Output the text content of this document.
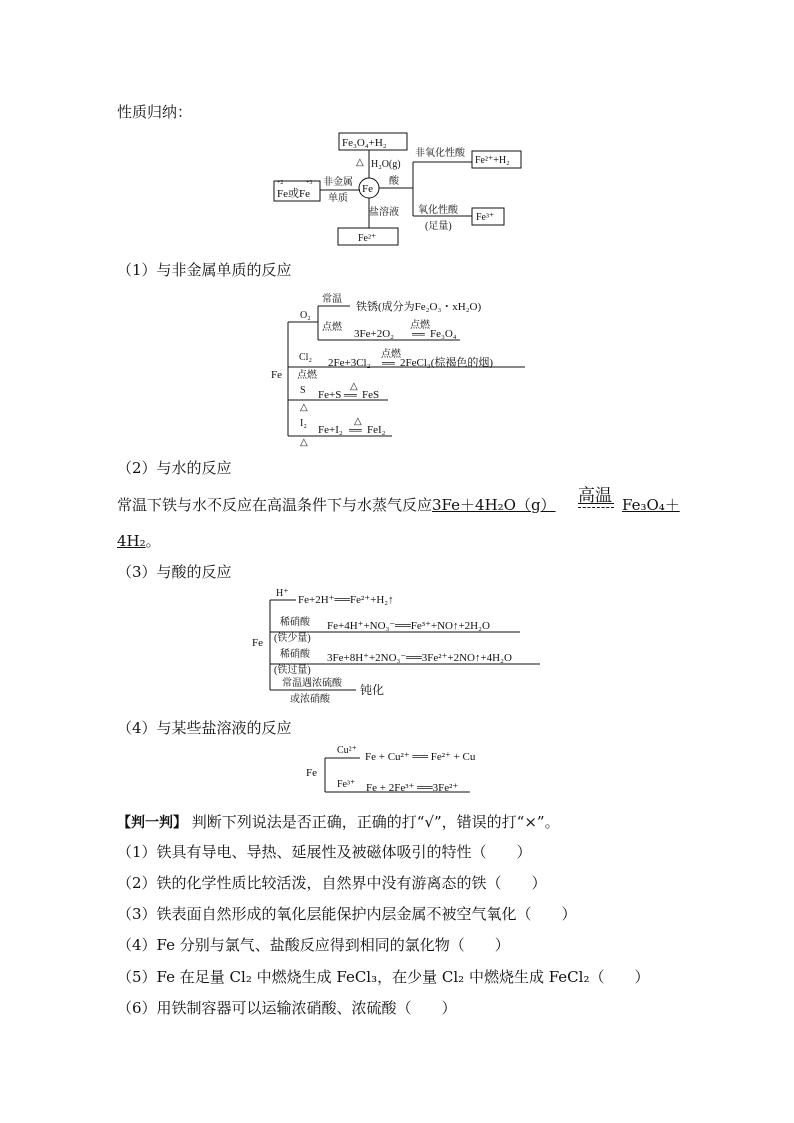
性质归纳：
Fe₃O₄+H₂
△ H₂O(g)
+2	+3
Fe或Fe
非金属
单质
Fe
酸
非氧化性酸
Fe²⁺+H₂
氧化性酸
(足量)
Fe³⁺
盐溶液
Fe²⁺
（1）与非金属单质的反应
Fe
O₂
常温
铁锈(成分为Fe₂O₃・xH₂O)
点燃
3Fe+2O₂
点燃
══ Fe₃O₄
Cl₂
点燃
2Fe+3Cl₂
点燃
══ 2FeCl₃(棕褐色的烟)
S
△
Fe+S
△
══ FeS
I₂
△
Fe+I₂
△
══ FeI₂
（2）与水的反应
常温下铁与水不反应在高温条件下与水蒸气反应3Fe＋4H₂O（g） 高温 Fe₃O₄＋
4H₂。
（3）与酸的反应
Fe
H⁺
Fe+2H⁺══Fe²⁺+H₂↑
稀硝酸
(铁少量)
Fe+4H⁺+NO₃⁻══Fe³⁺+NO↑+2H₂O
稀硝酸
(铁过量)
3Fe+8H⁺+2NO₃⁻══3Fe²⁺+2NO↑+4H₂O
常温遇浓硫酸
或浓硝酸
钝化
（4）与某些盐溶液的反应
Fe
Cu²⁺
Fe + Cu²⁺ ══ Fe²⁺ + Cu
Fe³⁺ Fe + 2Fe³⁺ ══3Fe²⁺
【判一判】 判断下列说法是否正确，正确的打“√”，错误的打“×”。
（1）铁具有导电、导热、延展性及被磁体吸引的特性（　　）
（2）铁的化学性质比较活泼，自然界中没有游离态的铁（　　）
（3）铁表面自然形成的氧化层能保护内层金属不被空气氧化（　　）
（4）Fe 分别与氯气、盐酸反应得到相同的氯化物（　　）
（5）Fe 在足量 Cl₂ 中燃烧生成 FeCl₃，在少量 Cl₂ 中燃烧生成 FeCl₂（　　）
（6）用铁制容器可以运输浓硝酸、浓硫酸（　　）
